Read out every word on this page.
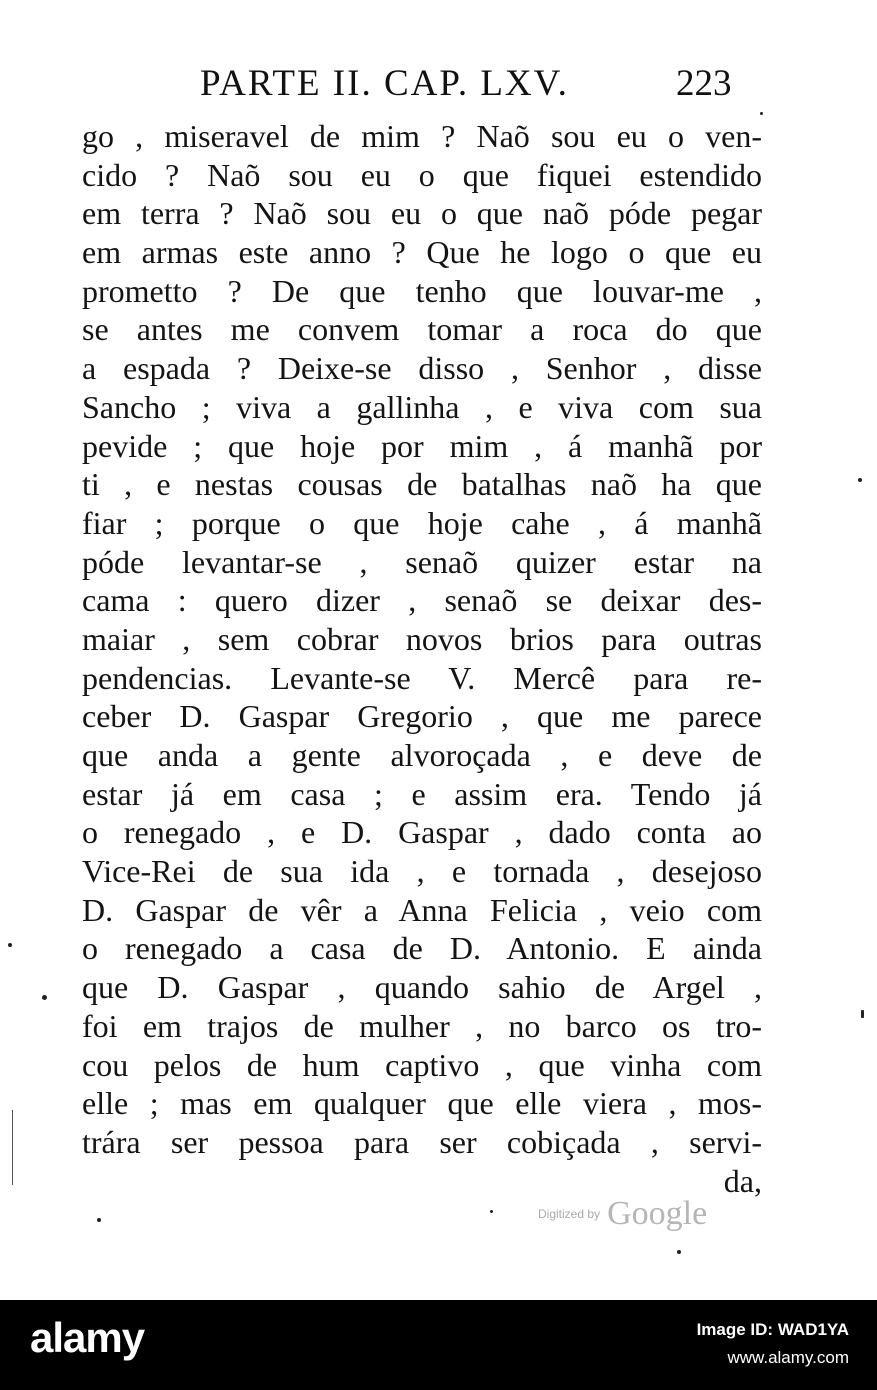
PARTE II. CAP. LXV.	223
go , miseravel de mim ? Naõ sou eu o ven-
cido ? Naõ sou eu o que fiquei estendido
em terra ? Naõ sou eu o que naõ póde pegar
em armas este anno ? Que he logo o que eu
prometto ? De que tenho que louvar-me ,
se antes me convem tomar a roca do que
a espada ? Deixe-se disso , Senhor , disse
Sancho ; viva a gallinha , e viva com sua
pevide ; que hoje por mim , á manhã por
ti , e nestas cousas de batalhas naõ ha que
fiar ; porque o que hoje cahe , á manhã
póde levantar-se , senaõ quizer estar na
cama : quero dizer , senaõ se deixar des-
maiar , sem cobrar novos brios para outras
pendencias. Levante-se V. Mercê para re-
ceber D. Gaspar Gregorio , que me parece
que anda a gente alvoroçada , e deve de
estar já em casa ; e assim era. Tendo já
o renegado , e D. Gaspar , dado conta ao
Vice-Rei de sua ida , e tornada , desejoso
D. Gaspar de vêr a Anna Felicia , veio com
o renegado a casa de D. Antonio. E ainda
que D. Gaspar , quando sahio de Argel ,
foi em trajos de mulher , no barco os tro-
cou pelos de hum captivo , que vinha com
elle ; mas em qualquer que elle viera , mos-
trára ser pessoa para ser cobiçada , servi-
da,
Digitized by Google
alamy	Image ID: WAD1YA
www.alamy.com
